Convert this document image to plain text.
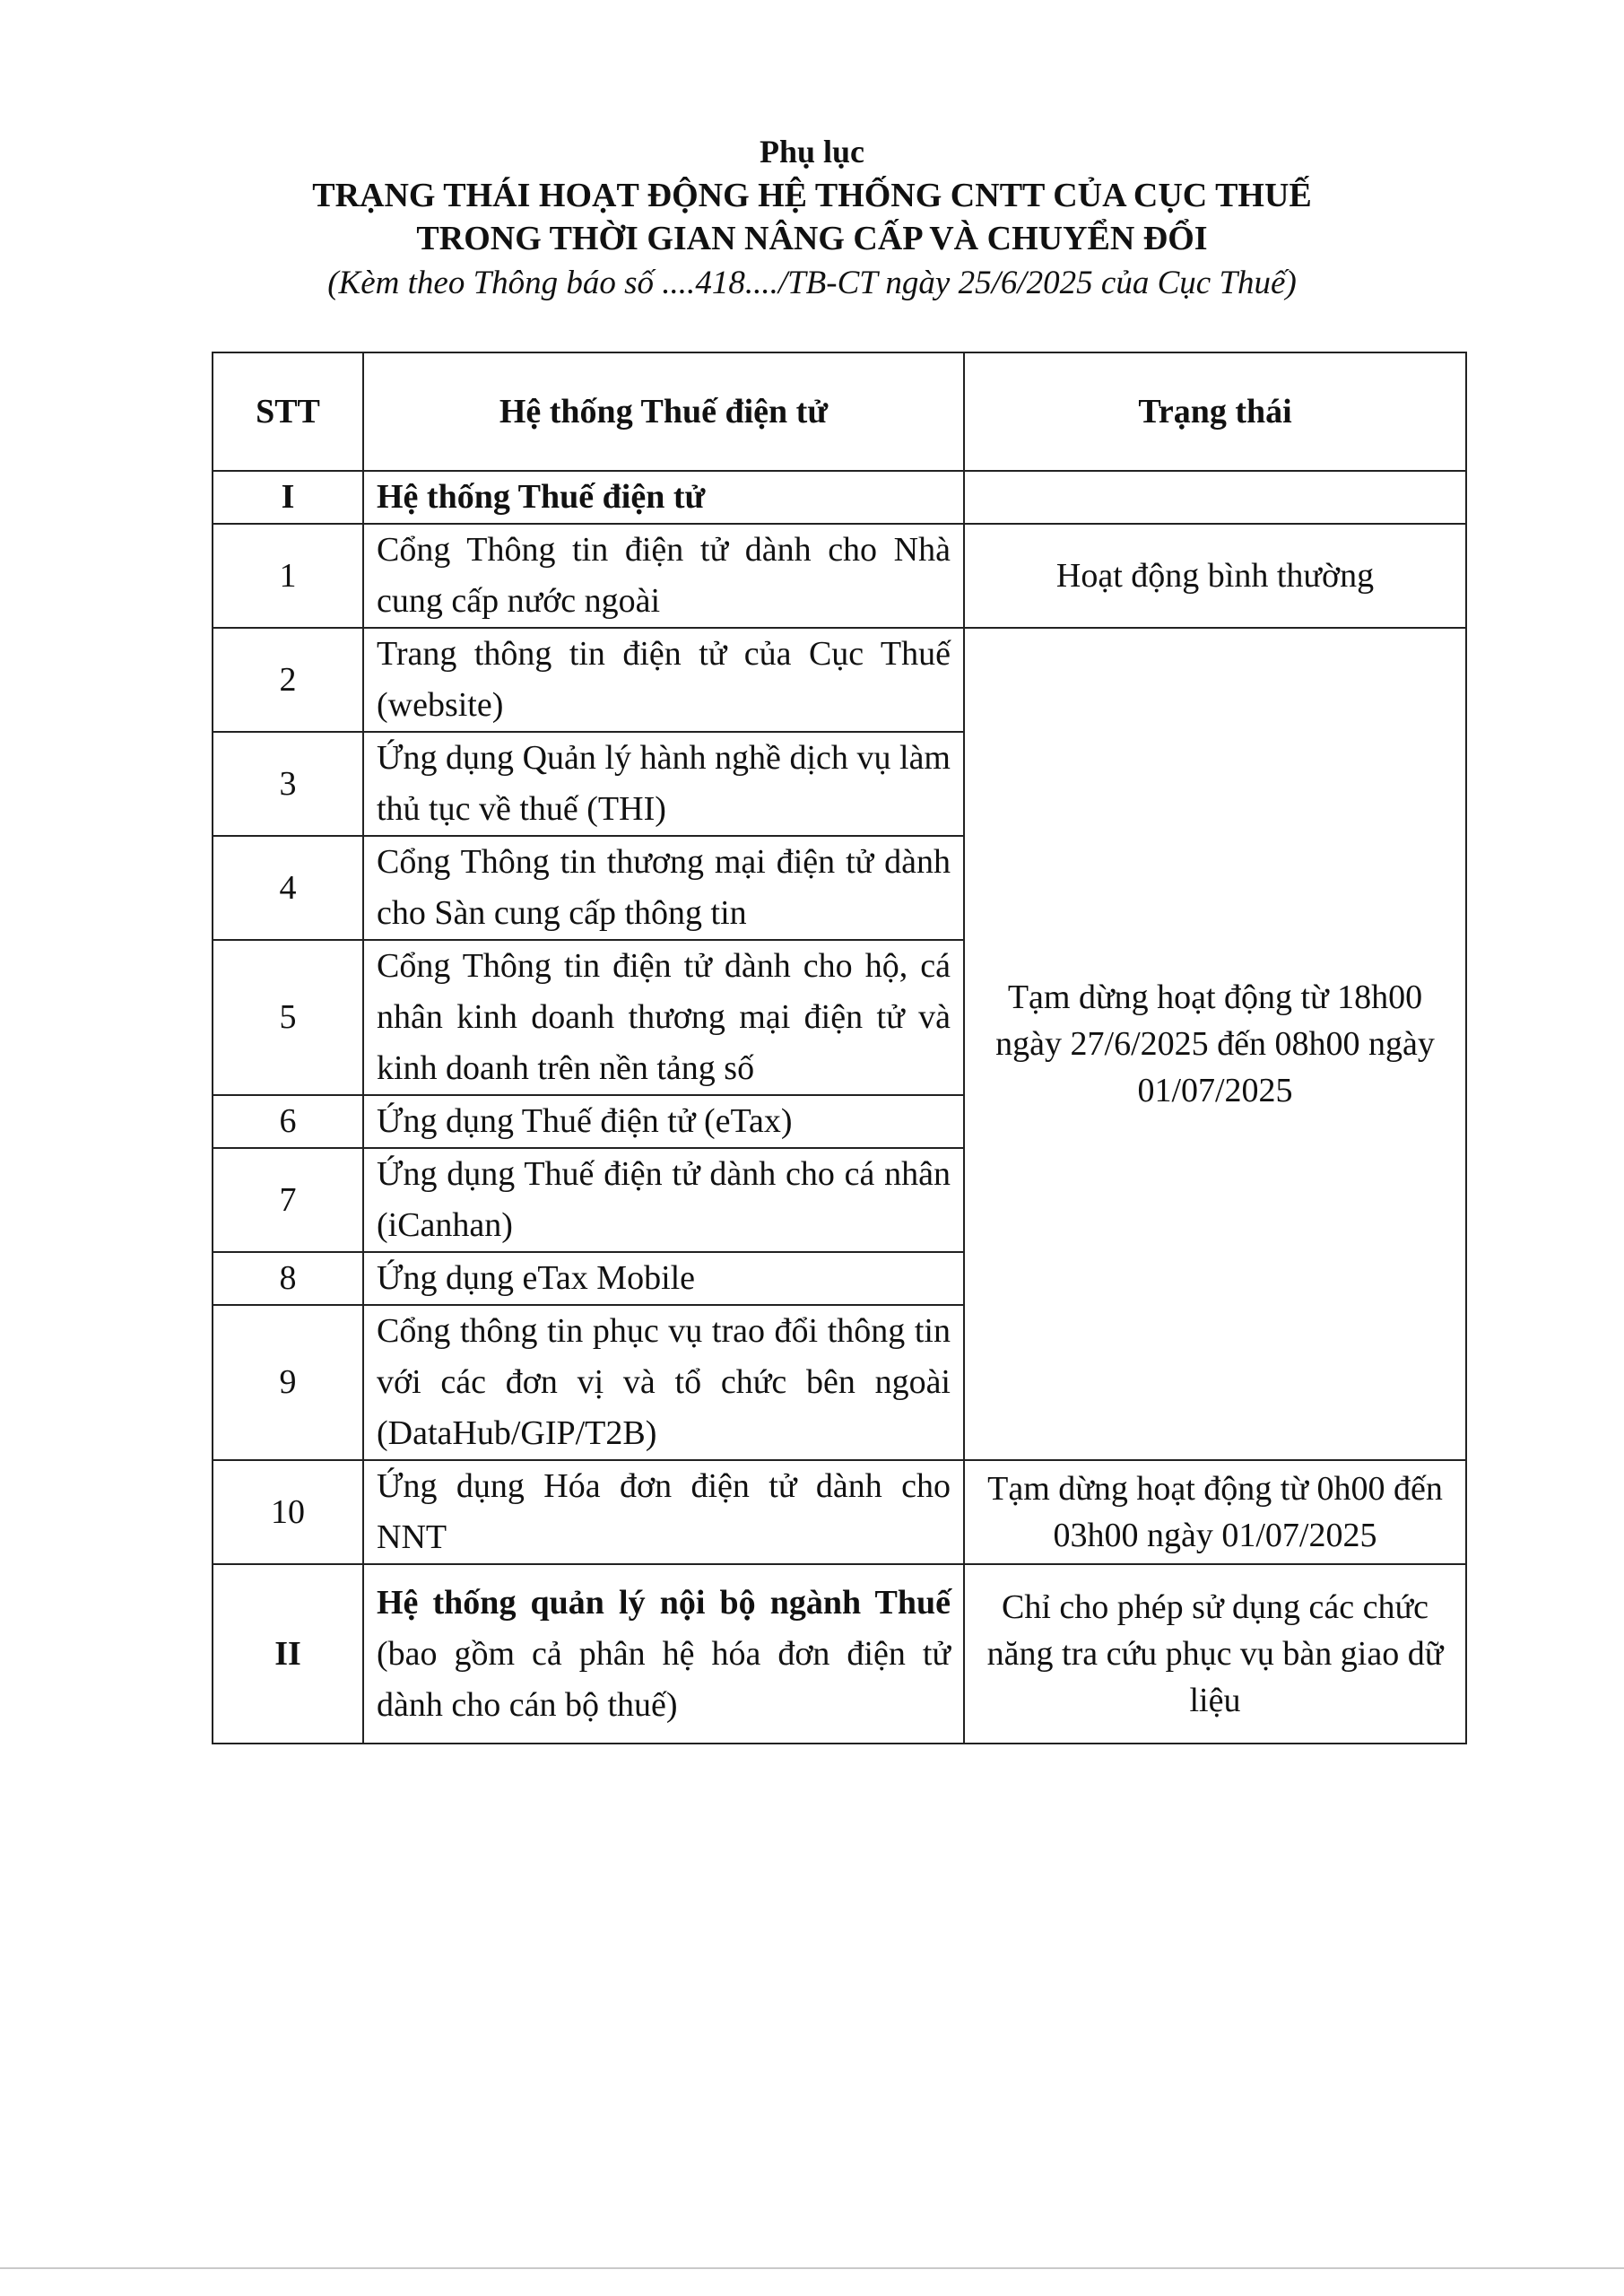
Phụ lục
TRẠNG THÁI HOẠT ĐỘNG HỆ THỐNG CNTT CỦA CỤC THUẾ
TRONG THỜI GIAN NÂNG CẤP VÀ CHUYỂN ĐỔI
(Kèm theo Thông báo số ....418..../TB-CT ngày 25/6/2025 của Cục Thuế)
STT	Hệ thống Thuế điện tử	Trạng thái
I	Hệ thống Thuế điện tử	
1	Cổng Thông tin điện tử dành cho Nhà cung cấp nước ngoài	Hoạt động bình thường
2	Trang thông tin điện tử của Cục Thuế (website)	Tạm dừng hoạt động từ 18h00 ngày 27/6/2025 đến 08h00 ngày 01/07/2025
3	Ứng dụng Quản lý hành nghề dịch vụ làm thủ tục về thuế (THI)	
4	Cổng Thông tin thương mại điện tử dành cho Sàn cung cấp thông tin	
5	Cổng Thông tin điện tử dành cho hộ, cá nhân kinh doanh thương mại điện tử và kinh doanh trên nền tảng số	
6	Ứng dụng Thuế điện tử (eTax)	
7	Ứng dụng Thuế điện tử dành cho cá nhân (iCanhan)	
8	Ứng dụng eTax Mobile	
9	Cổng thông tin phục vụ trao đổi thông tin với các đơn vị và tổ chức bên ngoài (DataHub/GIP/T2B)	
10	Ứng dụng Hóa đơn điện tử dành cho NNT	Tạm dừng hoạt động từ 0h00 đến 03h00 ngày 01/07/2025
II	Hệ thống quản lý nội bộ ngành Thuế (bao gồm cả phân hệ hóa đơn điện tử dành cho cán bộ thuế)	Chỉ cho phép sử dụng các chức năng tra cứu phục vụ bàn giao dữ liệu
